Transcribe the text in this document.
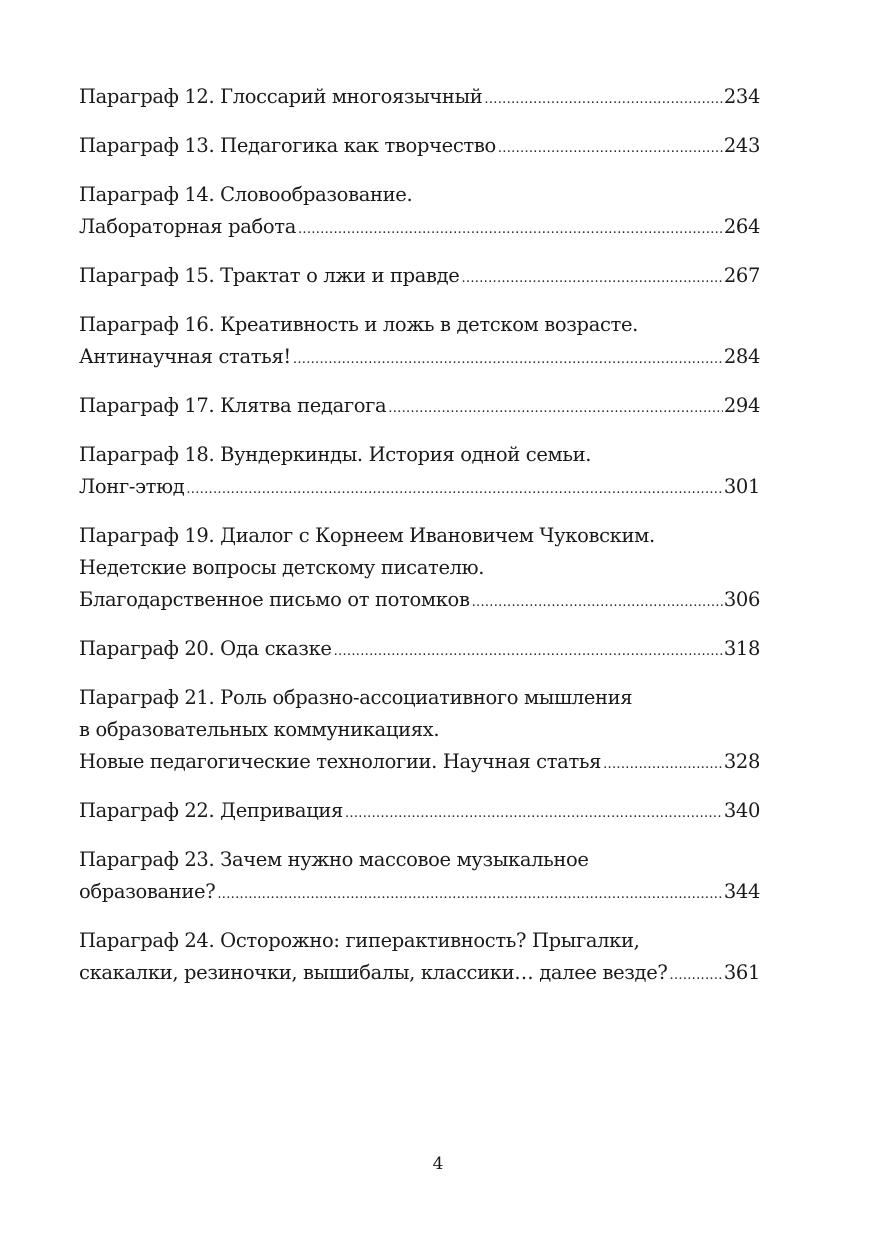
Параграф 12. Глоссарий многоязычный .....	234
Параграф 13. Педагогика как творчество .....	243
Параграф 14. Словообразование.
Лабораторная работа .....	264
Параграф 15. Трактат о лжи и правде .....	267
Параграф 16. Креативность и ложь в детском возрасте.
Антинаучная статья! .....	284
Параграф 17. Клятва педагога .....	294
Параграф 18. Вундеркинды. История одной семьи.
Лонг-этюд .....	301
Параграф 19. Диалог с Корнеем Ивановичем Чуковским.
Недетские вопросы детскому писателю.
Благодарственное письмо от потомков .....	306
Параграф 20. Ода сказке .....	318
Параграф 21. Роль образно-ассоциативного мышления
в образовательных коммуникациях.
Новые педагогические технологии. Научная статья .....	328
Параграф 22. Депривация .....	340
Параграф 23. Зачем нужно массовое музыкальное
образование? .....	344
Параграф 24. Осторожно: гиперактивность? Прыгалки,
скакалки, резиночки, вышибалы, классики… далее везде? .....	361
4
